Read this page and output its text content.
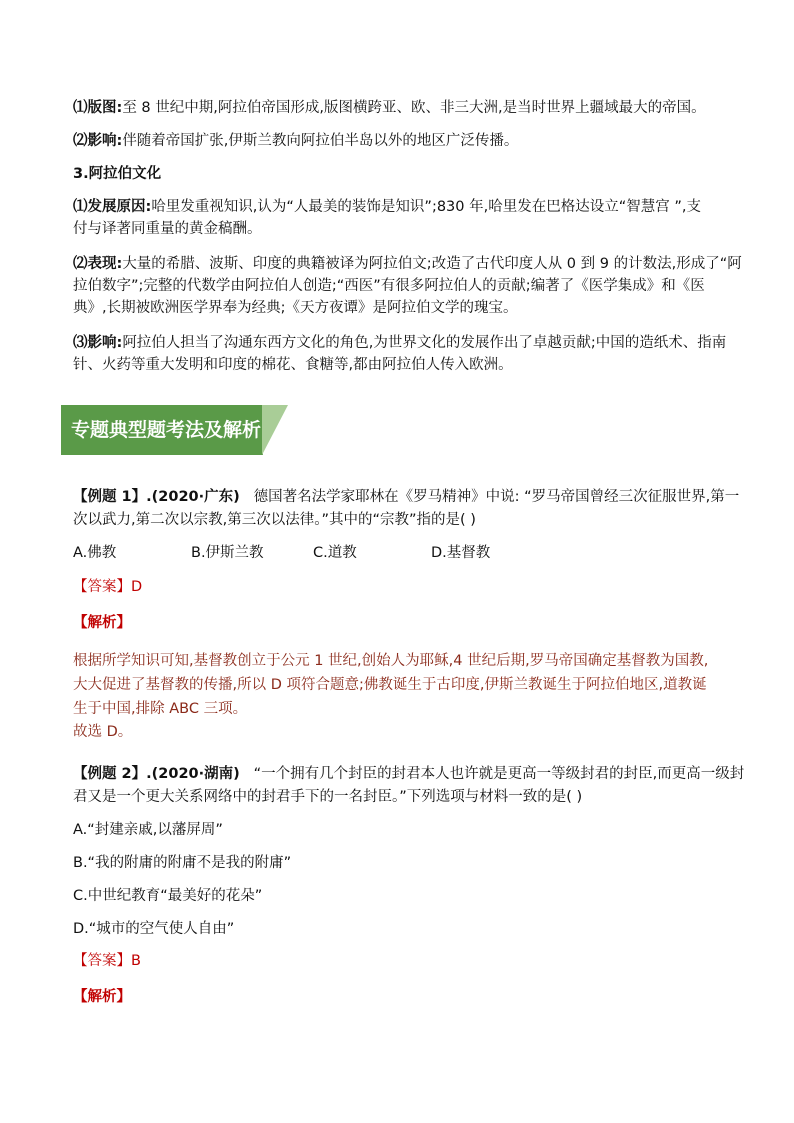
⑴版图:至 8 世纪中期,阿拉伯帝国形成,版图横跨亚、欧、非三大洲,是当时世界上疆域最大的帝国。
⑵影响:伴随着帝国扩张,伊斯兰教向阿拉伯半岛以外的地区广泛传播。
3.阿拉伯文化
⑴发展原因:哈里发重视知识,认为“人最美的装饰是知识”;830 年,哈里发在巴格达设立“智慧宫 ”,支
付与译著同重量的黄金稿酬。
⑵表现:大量的希腊、波斯、印度的典籍被译为阿拉伯文;改造了古代印度人从 0 到 9 的计数法,形成了“阿
拉伯数字”;完整的代数学由阿拉伯人创造;“西医”有很多阿拉伯人的贡献;编著了《医学集成》和《医
典》,长期被欧洲医学界奉为经典;《天方夜谭》是阿拉伯文学的瑰宝。
⑶影响:阿拉伯人担当了沟通东西方文化的角色,为世界文化的发展作出了卓越贡献;中国的造纸术、指南
针、火药等重大发明和印度的棉花、食糖等,都由阿拉伯人传入欧洲。
专题典型题考法及解析
【例题 1】.(2020·广东) 德国著名法学家耶林在《罗马精神》中说: “罗马帝国曾经三次征服世界,第一
次以武力,第二次以宗教,第三次以法律。”其中的“宗教”指的是( )
A.佛教	B.伊斯兰教	C.道教	D.基督教
【答案】D
【解析】
根据所学知识可知,基督教创立于公元 1 世纪,创始人为耶稣,4 世纪后期,罗马帝国确定基督教为国教,
大大促进了基督教的传播,所以 D 项符合题意;佛教诞生于古印度,伊斯兰教诞生于阿拉伯地区,道教诞
生于中国,排除 ABC 三项。
故选 D。
【例题 2】.(2020·湖南) “一个拥有几个封臣的封君本人也许就是更高一等级封君的封臣,而更高一级封
君又是一个更大关系网络中的封君手下的一名封臣。”下列选项与材料一致的是( )
A.“封建亲戚,以藩屏周”
B.“我的附庸的附庸不是我的附庸”
C.中世纪教育“最美好的花朵”
D.“城市的空气使人自由”
【答案】B
【解析】
